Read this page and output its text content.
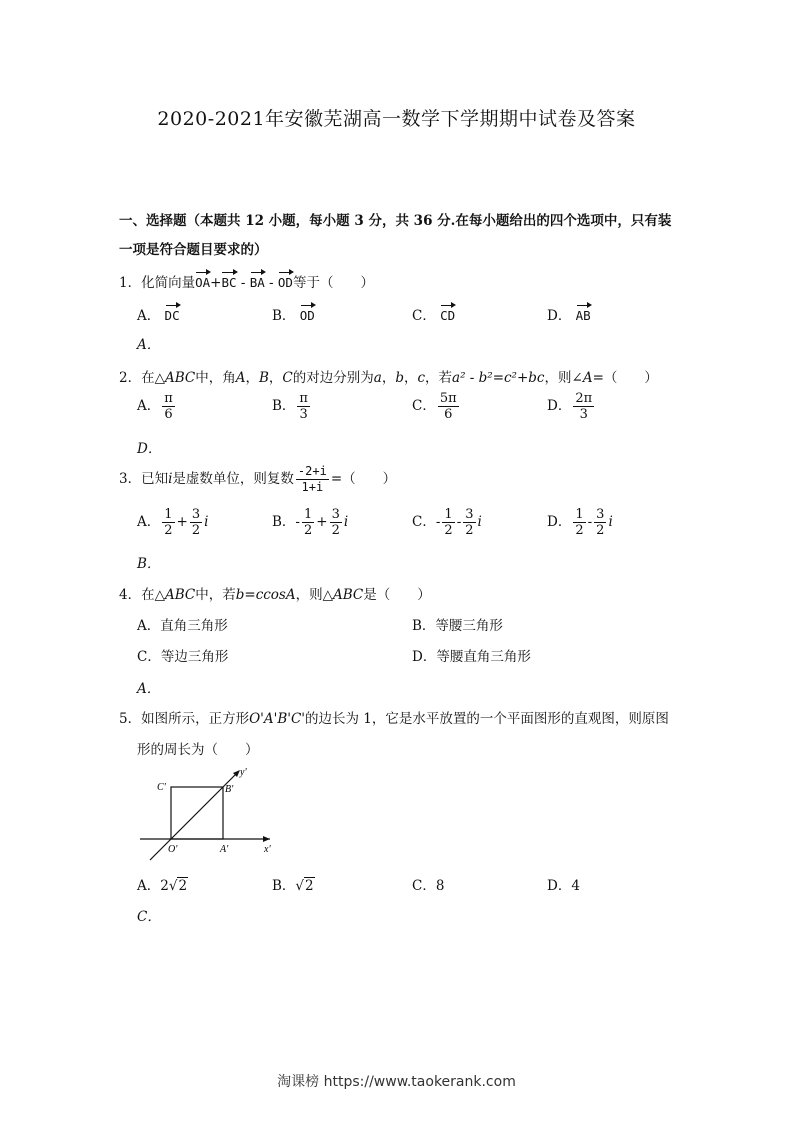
2020-2021年安徽芜湖高一数学下学期期中试卷及答案
一、选择题（本题共 12 小题，每小题 3 分，共 36 分.在每小题给出的四个选项中，只有装
一项是符合题目要求的）
1．化简向量OA+BC - BA - OD等于（　　）
A． DC	B． OD	C． CD	D． AB
A．
2．在△ABC中，角A，B，C的对边分别为a，b，c，若a² - b²=c²+bc，则∠A=（　　）
A． $\frac{\pi}{6}$	B． $\frac{\pi}{3}$	C． $\frac{5\pi}{6}$	D． $\frac{2\pi}{3}$
D．
3．已知i是虚数单位，则复数 $\frac{-2+i}{1+i}$ =（　　）
A． $\frac{1}{2} + \frac{3}{2}$ i	B．- $\frac{1}{2} + \frac{3}{2}$ i	C．- $\frac{1}{2} - \frac{3}{2}$ i	D． $\frac{1}{2} - \frac{3}{2}$ i
B．
4．在△ABC中，若b=ccosA，则△ABC是（　　）
A．直角三角形	B．等腰三角形
C．等边三角形	D．等腰直角三角形
A．
5．如图所示，正方形O'A'B'C'的边长为 1，它是水平放置的一个平面图形的直观图，则原图
形的周长为（　　）
C'	B'
y'
O'	A'	x'
A．2√2	B．√2	C．8	D．4
C．
淘课榜 https://www.taokerank.com
